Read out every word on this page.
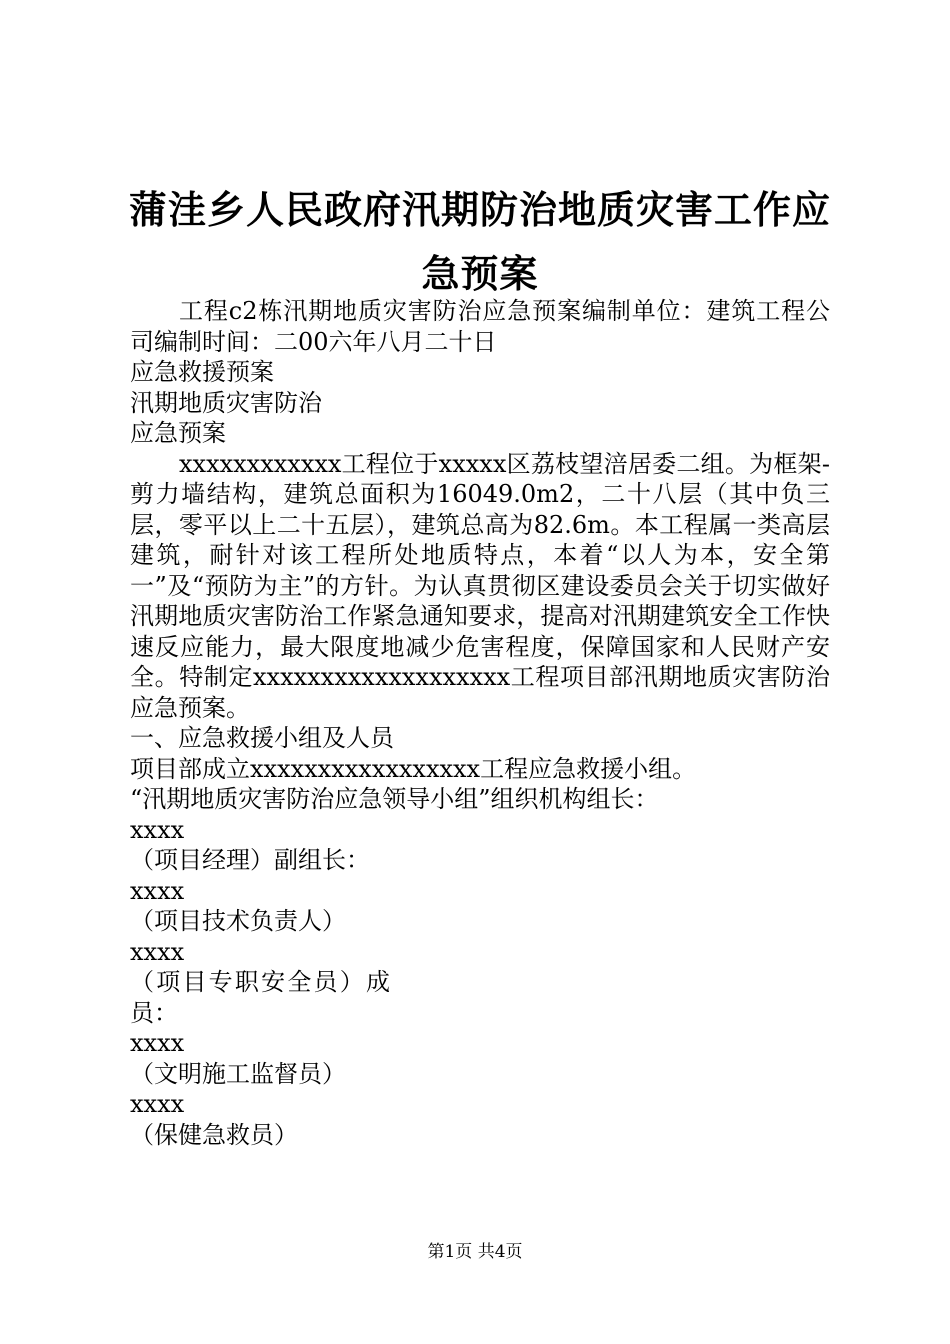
蒲洼乡人民政府汛期防治地质灾害工作应急预案

工程c2栋汛期地质灾害防治应急预案编制单位：建筑工程公司编制时间：二00六年八月二十日

应急救援预案

汛期地质灾害防治

应急预案

xxxxxxxxxxxx工程位于xxxxx区荔枝望涪居委二组。为框架-剪力墙结构，建筑总面积为16049.0m2，二十八层（其中负三层，零平以上二十五层），建筑总高为82.6m。本工程属一类高层建筑，耐针对该工程所处地质特点，本着“以人为本，安全第一”及“预防为主”的方针。为认真贯彻区建设委员会关于切实做好汛期地质灾害防治工作紧急通知要求，提高对汛期建筑安全工作快速反应能力，最大限度地减少危害程度，保障国家和人民财产安全。特制定xxxxxxxxxxxxxxxxxxx工程项目部汛期地质灾害防治应急预案。

一、应急救援小组及人员

项目部成立xxxxxxxxxxxxxxxxx工程应急救援小组。

“汛期地质灾害防治应急领导小组”组织机构组长：

xxxx

（项目经理）副组长：

xxxx

（项目技术负责人）

xxxx

（项目专职安全员）成员：

xxxx

（文明施工监督员）

xxxx

（保健急救员）

第1页 共4页
